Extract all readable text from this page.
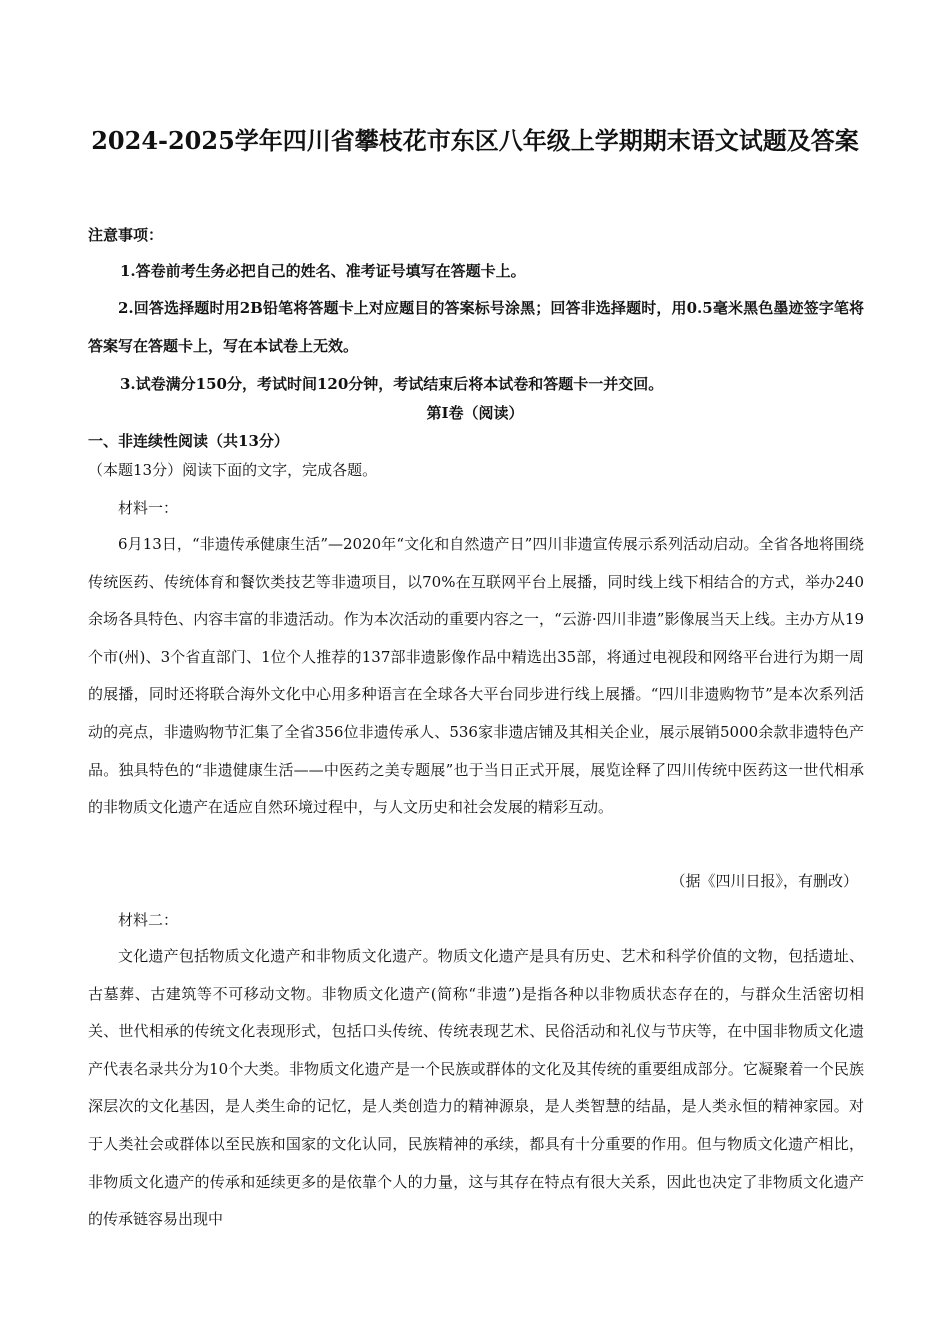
2024-2025学年四川省攀枝花市东区八年级上学期期末语文试题及答案
注意事项：
1.答卷前考生务必把自己的姓名、准考证号填写在答题卡上。

2.回答选择题时用2B铅笔将答题卡上对应题目的答案标号涂黑；回答非选择题时，用0.5毫米黑色墨迹签字笔将答案写在答题卡上，写在本试卷上无效。

3.试卷满分150分，考试时间120分钟，考试结束后将本试卷和答题卡一并交回。
第Ⅰ卷（阅读）
一、非连续性阅读（共13分）
（本题13分）阅读下面的文字，完成各题。
材料一：

6月13日，“非遗传承健康生活”—2020年“文化和自然遗产日”四川非遗宣传展示系列活动启动。全省各地将围绕传统医药、传统体育和餐饮类技艺等非遗项目，以70%在互联网平台上展播，同时线上线下相结合的方式，举办240余场各具特色、内容丰富的非遗活动。作为本次活动的重要内容之一，“云游·四川非遗”影像展当天上线。主办方从19个市(州)、3个省直部门、1位个人推荐的137部非遗影像作品中精选出35部，将通过电视段和网络平台进行为期一周的展播，同时还将联合海外文化中心用多种语言在全球各大平台同步进行线上展播。“四川非遗购物节”是本次系列活动的亮点，非遗购物节汇集了全省356位非遗传承人、536家非遗店铺及其相关企业，展示展销5000余款非遗特色产品。独具特色的“非遗健康生活——中医药之美专题展”也于当日正式开展，展览诠释了四川传统中医药这一世代相承的非物质文化遗产在适应自然环境过程中，与人文历史和社会发展的精彩互动。

（据《四川日报》，有删改）
材料二：

文化遗产包括物质文化遗产和非物质文化遗产。物质文化遗产是具有历史、艺术和科学价值的文物，包括遗址、古墓葬、古建筑等不可移动文物。非物质文化遗产(简称“非遗”)是指各种以非物质状态存在的，与群众生活密切相关、世代相承的传统文化表现形式，包括口头传统、传统表现艺术、民俗活动和礼仪与节庆等，在中国非物质文化遗产代表名录共分为10个大类。非物质文化遗产是一个民族或群体的文化及其传统的重要组成部分。它凝聚着一个民族深层次的文化基因，是人类生命的记忆，是人类创造力的精神源泉，是人类智慧的结晶，是人类永恒的精神家园。对于人类社会或群体以至民族和国家的文化认同，民族精神的承续，都具有十分重要的作用。但与物质文化遗产相比，非物质文化遗产的传承和延续更多的是依靠个人的力量，这与其存在特点有很大关系，因此也决定了非物质文化遗产的传承链容易出现中
